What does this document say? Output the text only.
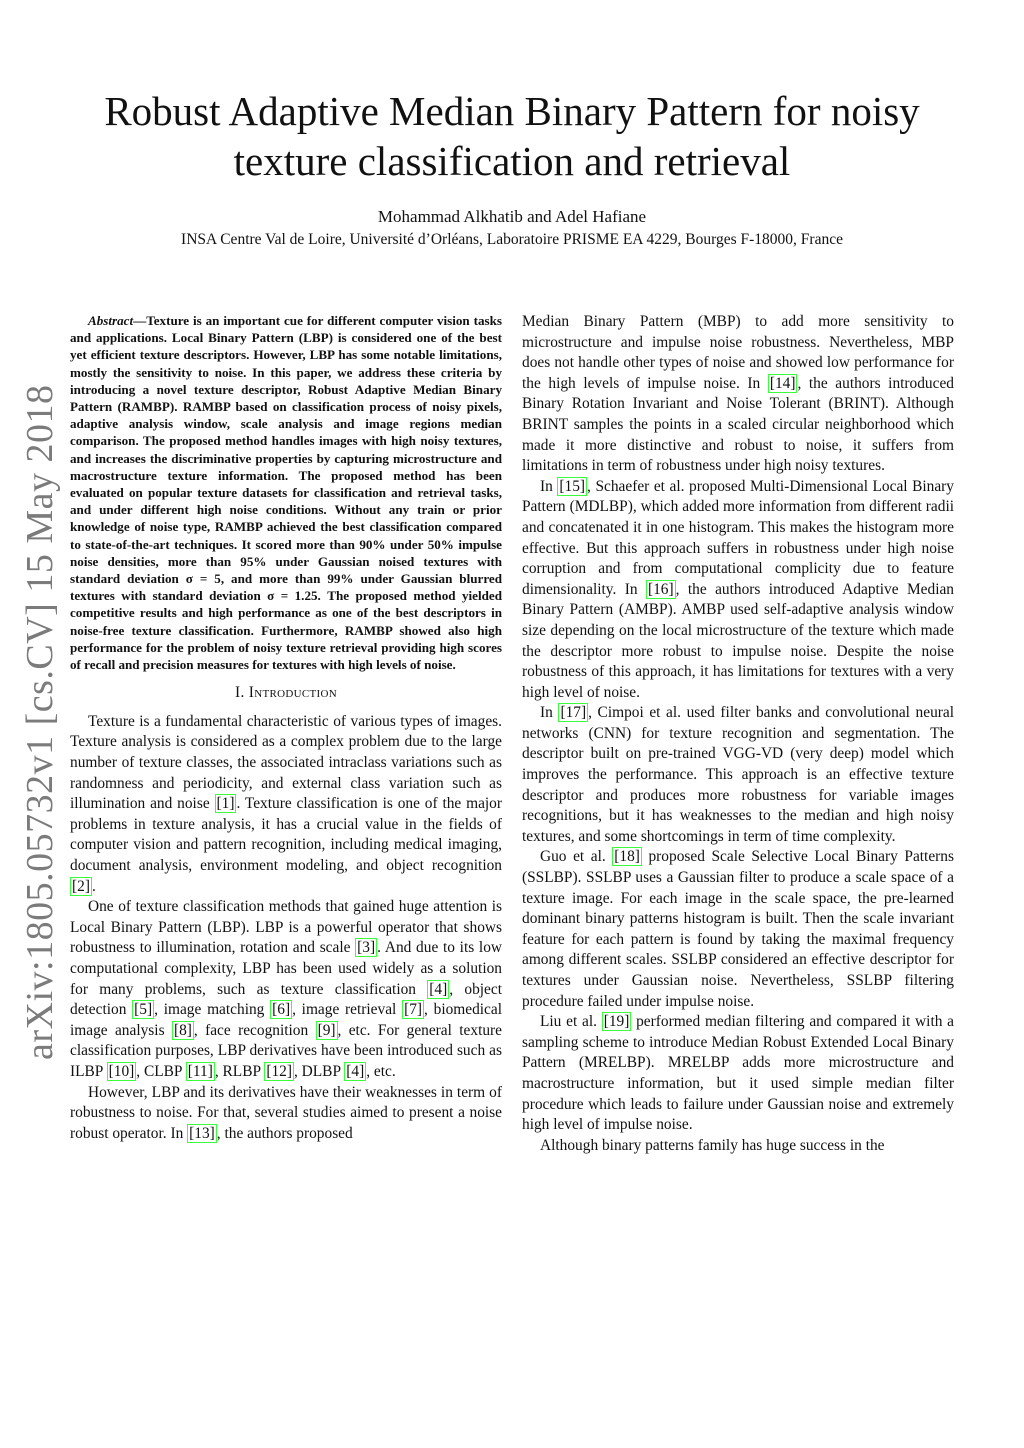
arXiv:1805.05732v1 [cs.CV] 15 May 2018
Robust Adaptive Median Binary Pattern for noisy
texture classification and retrieval
Mohammad Alkhatib and Adel Hafiane
INSA Centre Val de Loire, Université d’Orléans, Laboratoire PRISME EA 4229, Bourges F-18000, France

Abstract—Texture is an important cue for different computer vision tasks and applications. Local Binary Pattern (LBP) is considered one of the best yet efficient texture descriptors. However, LBP has some notable limitations, mostly the sensitivity to noise. In this paper, we address these criteria by introducing a novel texture descriptor, Robust Adaptive Median Binary Pattern (RAMBP). RAMBP based on classification process of noisy pixels, adaptive analysis window, scale analysis and image regions median comparison. The proposed method handles images with high noisy textures, and increases the discriminative properties by capturing microstructure and macrostructure texture information. The proposed method has been evaluated on popular texture datasets for classification and retrieval tasks, and under different high noise conditions. Without any train or prior knowledge of noise type, RAMBP achieved the best classification compared to state-of-the-art techniques. It scored more than 90% under 50% impulse noise densities, more than 95% under Gaussian noised textures with standard deviation σ = 5, and more than 99% under Gaussian blurred textures with standard deviation σ = 1.25. The proposed method yielded competitive results and high performance as one of the best descriptors in noise-free texture classification. Furthermore, RAMBP showed also high performance for the problem of noisy texture retrieval providing high scores of recall and precision measures for textures with high levels of noise.

I. Introduction

Texture is a fundamental characteristic of various types of images. Texture analysis is considered as a complex problem due to the large number of texture classes, the associated intraclass variations such as randomness and periodicity, and external class variation such as illumination and noise [1] . Texture classification is one of the major problems in texture analysis, it has a crucial value in the fields of computer vision and pattern recognition, including medical imaging, document analysis, environment modeling, and object recognition [2] .

One of texture classification methods that gained huge attention is Local Binary Pattern (LBP). LBP is a powerful operator that shows robustness to illumination, rotation and scale [3] . And due to its low computational complexity, LBP has been used widely as a solution for many problems, such as texture classification [4] , object detection [5] , image matching [6] , image retrieval [7] , biomedical image analysis [8] , face recognition [9] , etc. For general texture classification purposes, LBP derivatives have been introduced such as ILBP [10] , CLBP [11] , RLBP [12] , DLBP [4] , etc.

However, LBP and its derivatives have their weaknesses in term of robustness to noise. For that, several studies aimed to present a noise robust operator. In [13] , the authors proposed

Median Binary Pattern (MBP) to add more sensitivity to microstructure and impulse noise robustness. Nevertheless, MBP does not handle other types of noise and showed low performance for the high levels of impulse noise. In [14] , the authors introduced Binary Rotation Invariant and Noise Tolerant (BRINT). Although BRINT samples the points in a scaled circular neighborhood which made it more distinctive and robust to noise, it suffers from limitations in term of robustness under high noisy textures.

In [15] , Schaefer et al. proposed Multi-Dimensional Local Binary Pattern (MDLBP), which added more information from different radii and concatenated it in one histogram. This makes the histogram more effective. But this approach suffers in robustness under high noise corruption and from computational complicity due to feature dimensionality. In [16] , the authors introduced Adaptive Median Binary Pattern (AMBP). AMBP used self-adaptive analysis window size depending on the local microstructure of the texture which made the descriptor more robust to impulse noise. Despite the noise robustness of this approach, it has limitations for textures with a very high level of noise.

In [17] , Cimpoi et al. used filter banks and convolutional neural networks (CNN) for texture recognition and segmentation. The descriptor built on pre-trained VGG-VD (very deep) model which improves the performance. This approach is an effective texture descriptor and produces more robustness for variable images recognitions, but it has weaknesses to the median and high noisy textures, and some shortcomings in term of time complexity.

Guo et al. [18] proposed Scale Selective Local Binary Patterns (SSLBP). SSLBP uses a Gaussian filter to produce a scale space of a texture image. For each image in the scale space, the pre-learned dominant binary patterns histogram is built. Then the scale invariant feature for each pattern is found by taking the maximal frequency among different scales. SSLBP considered an effective descriptor for textures under Gaussian noise. Nevertheless, SSLBP filtering procedure failed under impulse noise.

Liu et al. [19] performed median filtering and compared it with a sampling scheme to introduce Median Robust Extended Local Binary Pattern (MRELBP). MRELBP adds more microstructure and macrostructure information, but it used simple median filter procedure which leads to failure under Gaussian noise and extremely high level of impulse noise.

Although binary patterns family has huge success in the
